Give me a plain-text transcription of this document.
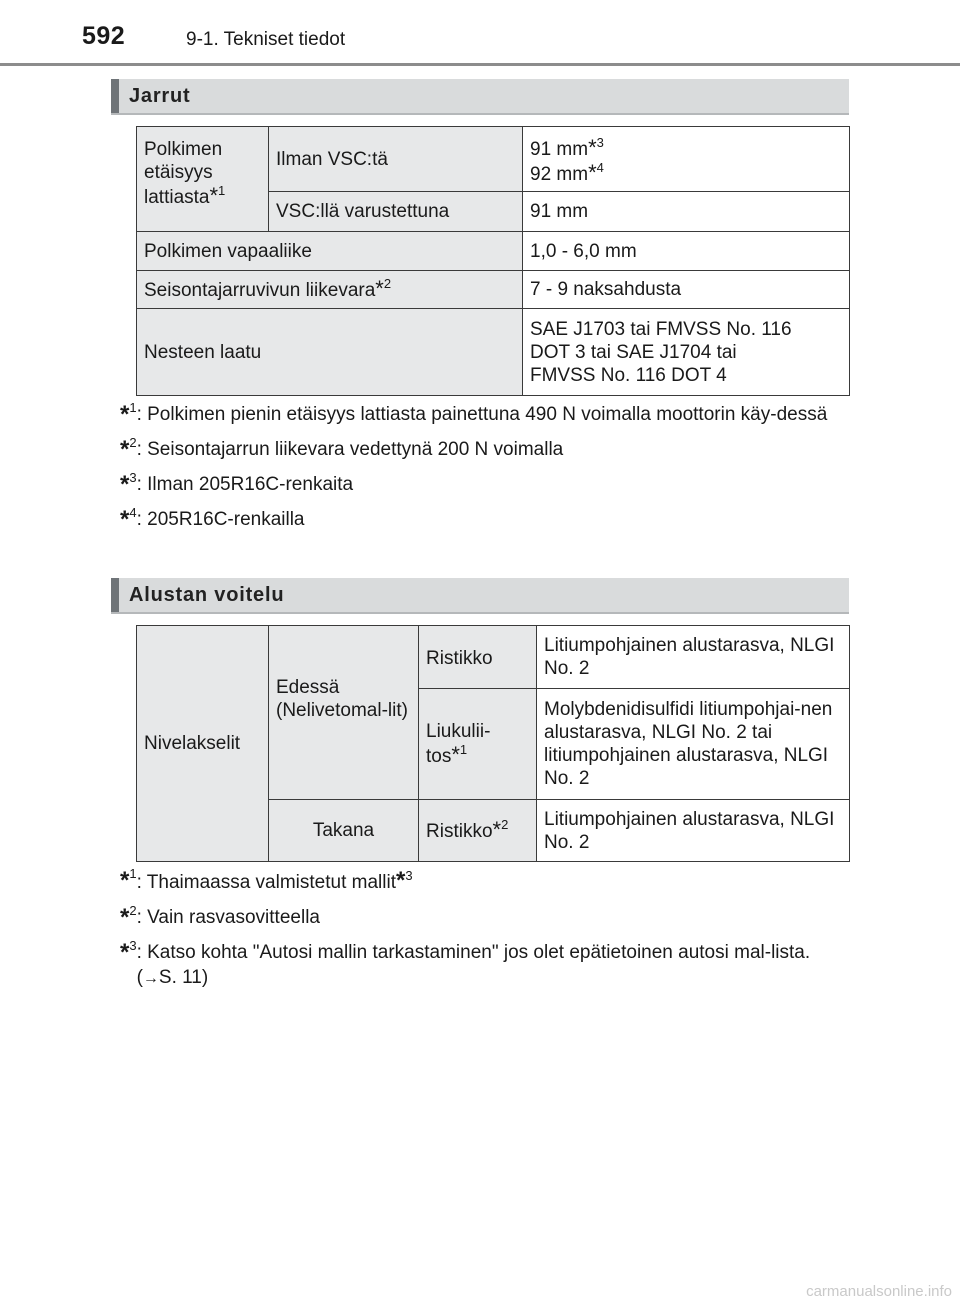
592	9-1. Tekniset tiedot
Jarrut
Polkimen etäisyys lattiasta*$^1$	Ilman VSC:tä	91 mm*$^3$
92 mm*$^4$
	VSC:llä varustettuna	91 mm
Polkimen vapaaliike		1,0 - 6,0 mm
Seisontajarruvivun liikevara*$^2$		7 - 9 naksahdusta
Nesteen laatu		SAE J1703 tai FMVSS No. 116
DOT 3 tai SAE J1704 tai
FMVSS No. 116 DOT 4
*$^1$ : Polkimen pienin etäisyys lattiasta painettuna 490 N voimalla moottorin käy-dessä
*$^2$ : Seisontajarrun liikevara vedettynä 200 N voimalla
*$^3$ : Ilman 205R16C-renkaita
*$^4$ : 205R16C-renkailla
Alustan voitelu
Nivelakselit	Edessä (Nelivetomal-lit)	Ristikko	Litiumpohjainen alustarasva, NLGI No. 2
		Liukulii-tos*$^1$	Molybdenidisulfidi litiumpohjai-nen alustarasva, NLGI No. 2 tai litiumpohjainen alustarasva, NLGI No. 2
	Takana	Ristikko*$^2$	Litiumpohjainen alustarasva, NLGI No. 2
*$^1$ : Thaimaassa valmistetut mallit*$^3$
*$^2$ : Vain rasvasovitteella
*$^3$ : Katso kohta "Autosi mallin tarkastaminen" jos olet epätietoinen autosi mal-lista. (→S. 11)
carmanualsonline.info
